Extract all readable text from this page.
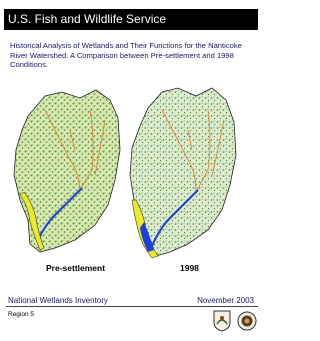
U.S. Fish and Wildlife Service
Historical Analysis of Wetlands and Their Functions for the Nanticoke River Watershed. A Comparison between Pre-settlement and 1998 Conditions.
Pre-settlement	1998
National Wetlands Inventory	November 2003
Region 5
